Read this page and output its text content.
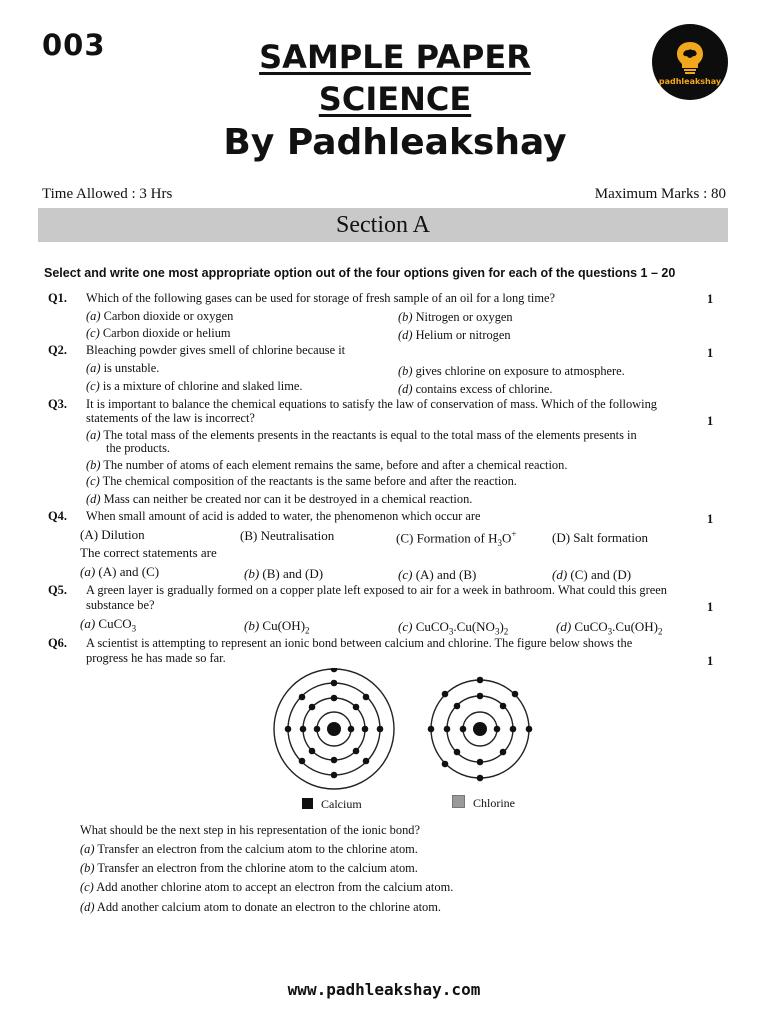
003
padhleakshay
SAMPLE PAPER
SCIENCE
By Padhleakshay
Time Allowed : 3 Hrs	Maximum Marks : 80
Section A
Select and write one most appropriate option out of the four options given for each of the questions 1 – 20
Q1. Which of the following gases can be used for storage of fresh sample of an oil for a long time?	1
(a) Carbon dioxide or oxygen	(b) Nitrogen or oxygen
(c) Carbon dioxide or helium	(d) Helium or nitrogen
Q2. Bleaching powder gives smell of chlorine because it	1
(a) is unstable.	(b) gives chlorine on exposure to atmosphere.
(c) is a mixture of chlorine and slaked lime.	(d) contains excess of chlorine.
Q3. It is important to balance the chemical equations to satisfy the law of conservation of mass. Which of the following
statements of the law is incorrect?	1
(a) The total mass of the elements presents in the reactants is equal to the total mass of the elements presents in
the products.
(b) The number of atoms of each element remains the same, before and after a chemical reaction.
(c) The chemical composition of the reactants is the same before and after the reaction.
(d) Mass can neither be created nor can it be destroyed in a chemical reaction.
Q4. When small amount of acid is added to water, the phenomenon which occur are	1
(A) Dilution	(B) Neutralisation	(C) Formation of $H_3O^+$	(D) Salt formation
The correct statements are
(a) (A) and (C)	(b) (B) and (D)	(c) (A) and (B)	(d) (C) and (D)
Q5. A green layer is gradually formed on a copper plate left exposed to air for a week in bathroom. What could this green
substance be?	1
(a) CuCO$_3$	(b) $Cu(OH)_2$	(c) $CuCO_3.Cu(NO_3)_2$	(d) $CuCO_3.Cu(OH)_2$
Q6. A scientist is attempting to represent an ionic bond between calcium and chlorine. The figure below shows the
progress he has made so far.	1
Calcium	Chlorine
What should be the next step in his representation of the ionic bond?
(a) Transfer an electron from the calcium atom to the chlorine atom.
(b) Transfer an electron from the chlorine atom to the calcium atom.
(c) Add another chlorine atom to accept an electron from the calcium atom.
(d) Add another calcium atom to donate an electron to the chlorine atom.
www.padhleakshay.com
